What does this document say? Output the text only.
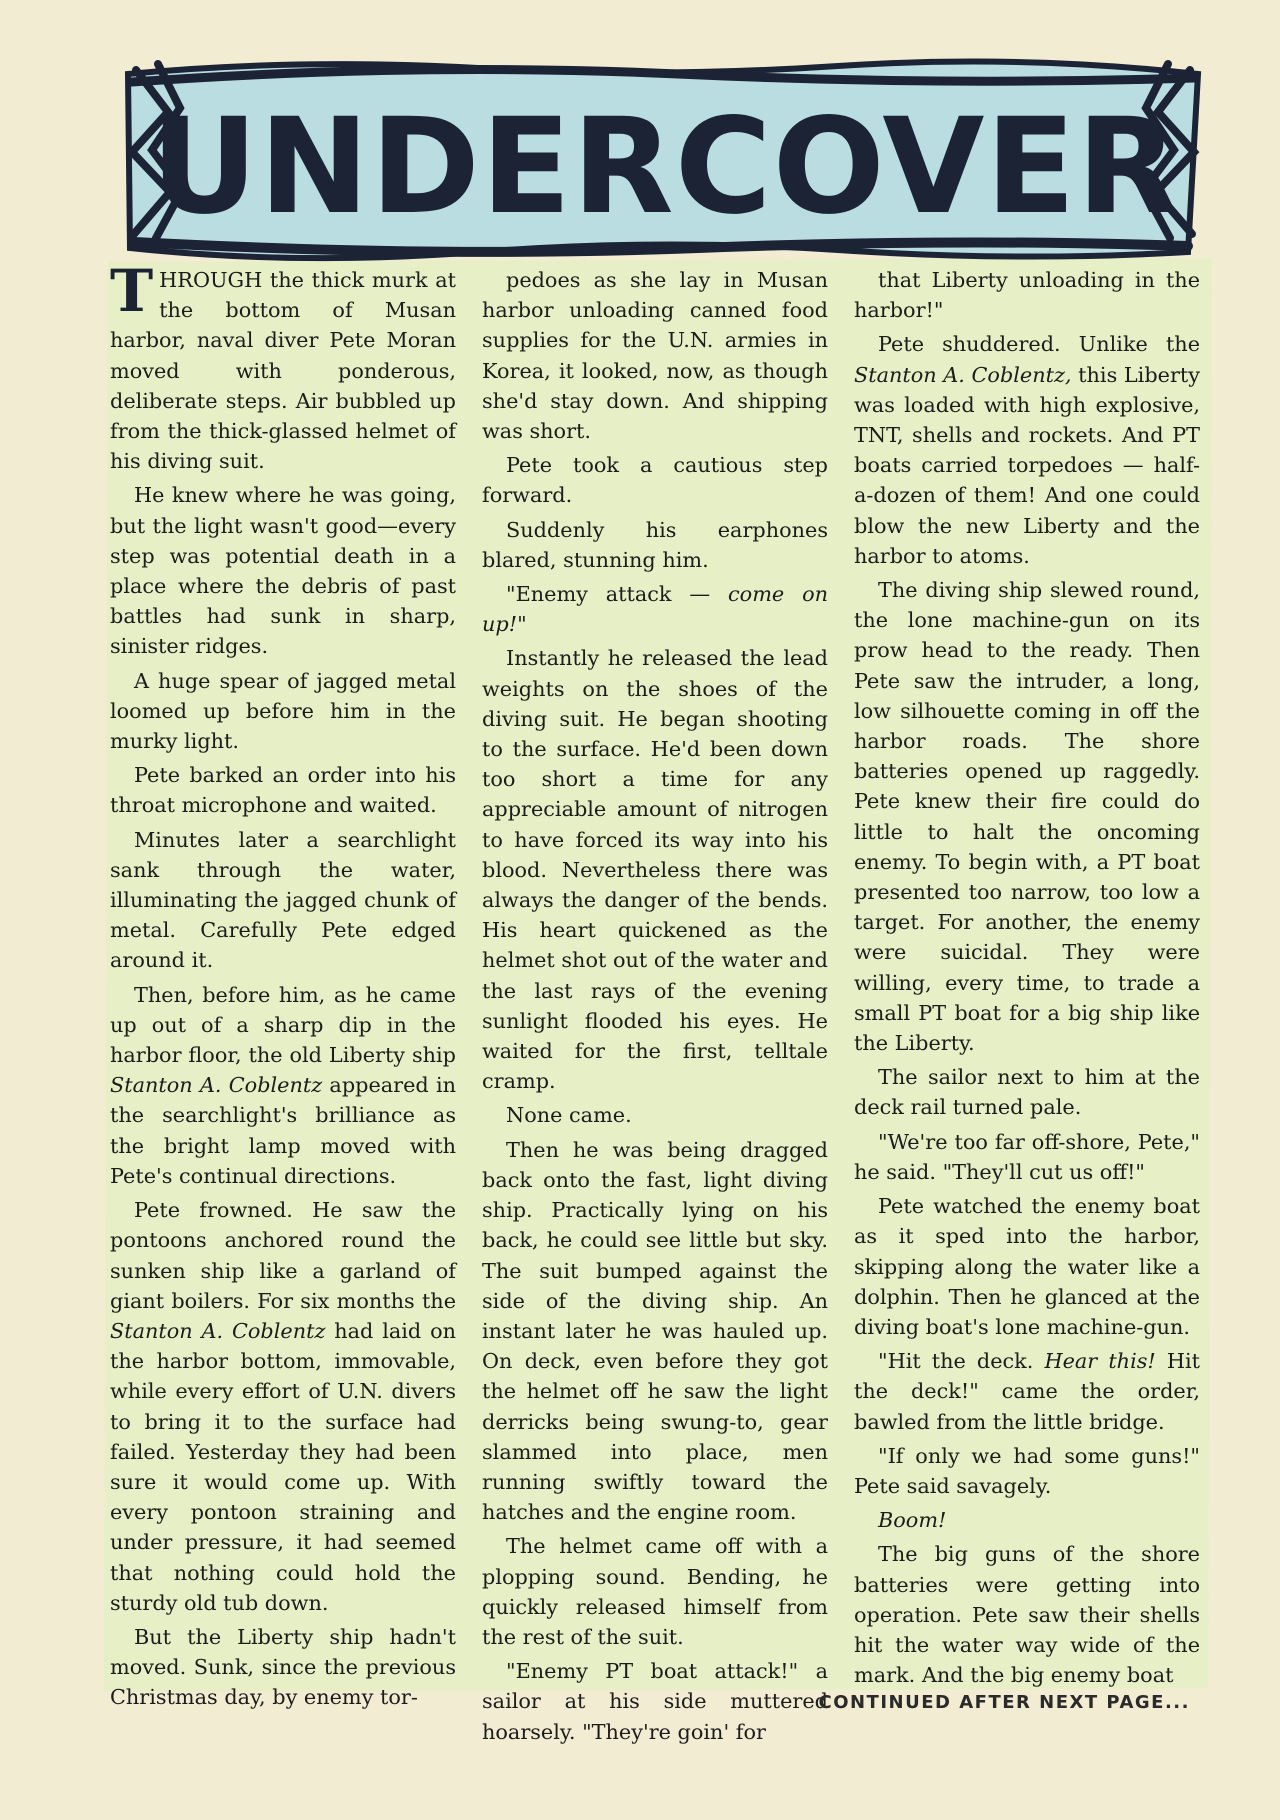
UNDERCOVER

THROUGH the thick murk at the bottom of Musan harbor, naval diver Pete Moran moved with ponderous, deliberate steps. Air bubbled up from the thick-glassed helmet of his diving suit.

He knew where he was going, but the light wasn't good—every step was potential death in a place where the debris of past battles had sunk in sharp, sinister ridges.

A huge spear of jagged metal loomed up before him in the murky light.

Pete barked an order into his throat microphone and waited.

Minutes later a searchlight sank through the water, illuminating the jagged chunk of metal. Carefully Pete edged around it.

Then, before him, as he came up out of a sharp dip in the harbor floor, the old Liberty ship Stanton A. Coblentz appeared in the searchlight's brilliance as the bright lamp moved with Pete's continual directions.

Pete frowned. He saw the pontoons anchored round the sunken ship like a garland of giant boilers. For six months the Stanton A. Coblentz had laid on the harbor bottom, immovable, while every effort of U.N. divers to bring it to the surface had failed. Yesterday they had been sure it would come up. With every pontoon straining and under pressure, it had seemed that nothing could hold the sturdy old tub down.

But the Liberty ship hadn't moved. Sunk, since the previous Christmas day, by enemy tor-

pedoes as she lay in Musan harbor unloading canned food supplies for the U.N. armies in Korea, it looked, now, as though she'd stay down. And shipping was short.

Pete took a cautious step forward.

Suddenly his earphones blared, stunning him.

"Enemy attack — come on up!"

Instantly he released the lead weights on the shoes of the diving suit. He began shooting to the surface. He'd been down too short a time for any appreciable amount of nitrogen to have forced its way into his blood. Nevertheless there was always the danger of the bends. His heart quickened as the helmet shot out of the water and the last rays of the evening sunlight flooded his eyes. He waited for the first, telltale cramp.

None came.

Then he was being dragged back onto the fast, light diving ship. Practically lying on his back, he could see little but sky. The suit bumped against the side of the diving ship. An instant later he was hauled up. On deck, even before they got the helmet off he saw the light derricks being swung-to, gear slammed into place, men running swiftly toward the hatches and the engine room.

The helmet came off with a plopping sound. Bending, he quickly released himself from the rest of the suit.

"Enemy PT boat attack!" a sailor at his side muttered hoarsely. "They're goin' for

that Liberty unloading in the harbor!"

Pete shuddered. Unlike the Stanton A. Coblentz, this Liberty was loaded with high explosive, TNT, shells and rockets. And PT boats carried torpedoes — half-a-dozen of them! And one could blow the new Liberty and the harbor to atoms.

The diving ship slewed round, the lone machine-gun on its prow head to the ready. Then Pete saw the intruder, a long, low silhouette coming in off the harbor roads. The shore batteries opened up raggedly. Pete knew their fire could do little to halt the oncoming enemy. To begin with, a PT boat presented too narrow, too low a target. For another, the enemy were suicidal. They were willing, every time, to trade a small PT boat for a big ship like the Liberty.

The sailor next to him at the deck rail turned pale.

"We're too far off-shore, Pete," he said. "They'll cut us off!"

Pete watched the enemy boat as it sped into the harbor, skipping along the water like a dolphin. Then he glanced at the diving boat's lone machine-gun.

"Hit the deck. Hear this! Hit the deck!" came the order, bawled from the little bridge.

"If only we had some guns!" Pete said savagely.

Boom!

The big guns of the shore batteries were getting into operation. Pete saw their shells hit the water way wide of the mark. And the big enemy boat

CONTINUED AFTER NEXT PAGE...
